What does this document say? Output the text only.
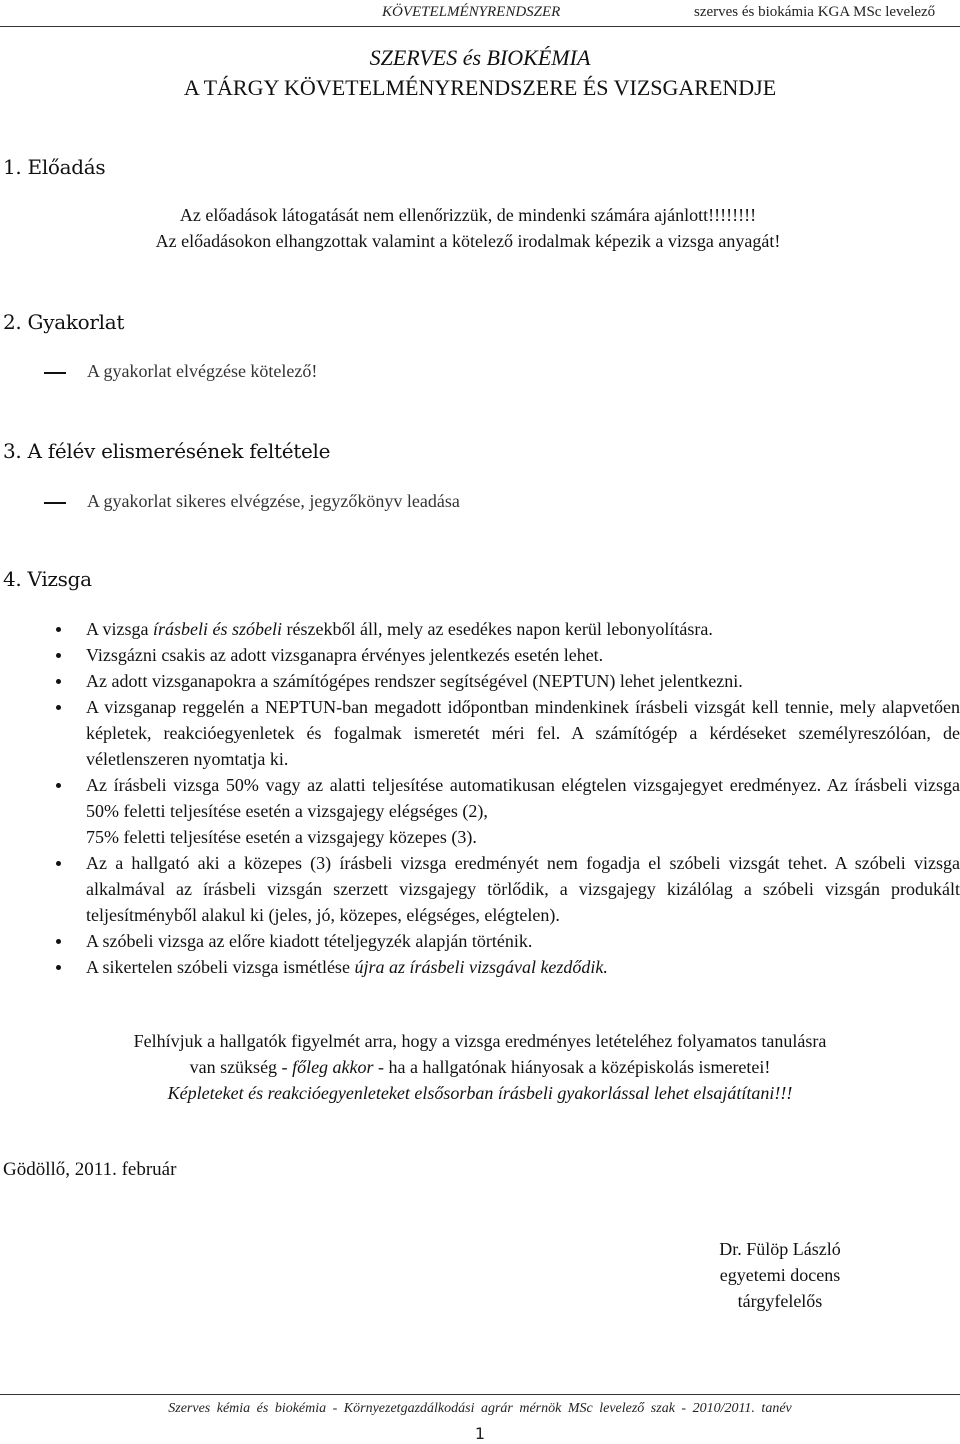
KÖVETELMÉNYRENDSZER	szerves és biokámia KGA MSc levelező
SZERVES és BIOKÉMIA
A TÁRGY KÖVETELMÉNYRENDSZERE ÉS VIZSGARENDJE
1. Előadás
Az előadások látogatását nem ellenőrizzük, de mindenki számára ajánlott!!!!!!!!
Az előadásokon elhangzottak valamint a kötelező irodalmak képezik a vizsga anyagát!
2. Gyakorlat
A gyakorlat elvégzése kötelező!
3. A félév elismerésének feltétele
A gyakorlat sikeres elvégzése, jegyzőkönyv leadása
4. Vizsga
A vizsga írásbeli és szóbeli részekből áll, mely az esedékes napon kerül lebonyolításra.
Vizsgázni csakis az adott vizsganapra érvényes jelentkezés esetén lehet.
Az adott vizsganapokra a számítógépes rendszer segítségével (NEPTUN) lehet jelentkezni.
A vizsganap reggelén a NEPTUN-ban megadott időpontban mindenkinek írásbeli vizsgát kell tennie, mely alapvetően képletek, reakcióegyenletek és fogalmak ismeretét méri fel. A számítógép a kérdéseket személyreszólóan, de véletlenszeren nyomtatja ki.
Az írásbeli vizsga 50% vagy az alatti teljesítése automatikusan elégtelen vizsgajegyet eredményez. Az írásbeli vizsga 50% feletti teljesítése esetén a vizsgajegy elégséges (2),
75% feletti teljesítése esetén a vizsgajegy közepes (3).
Az a hallgató aki a közepes (3) írásbeli vizsga eredményét nem fogadja el szóbeli vizsgát tehet. A szóbeli vizsga alkalmával az írásbeli vizsgán szerzett vizsgajegy törlődik, a vizsgajegy kizálólag a szóbeli vizsgán produkált teljesítményből alakul ki (jeles, jó, közepes, elégséges, elégtelen).
A szóbeli vizsga az előre kiadott tételjegyzék alapján történik.
A sikertelen szóbeli vizsga ismétlése újra az írásbeli vizsgával kezdődik.
Felhívjuk a hallgatók figyelmét arra, hogy a vizsga eredményes letételéhez folyamatos tanulásra
van szükség - főleg akkor - ha a hallgatónak hiányosak a középiskolás ismeretei!
Képleteket és reakcióegyenleteket elsősorban írásbeli gyakorlással lehet elsajátítani!!!
Gödöllő, 2011. február
Dr. Fülöp László
egyetemi docens
tárgyfelelős
Szerves kémia és biokémia - Környezetgazdálkodási agrár mérnök MSc levelező szak - 2010/2011. tanév
1
